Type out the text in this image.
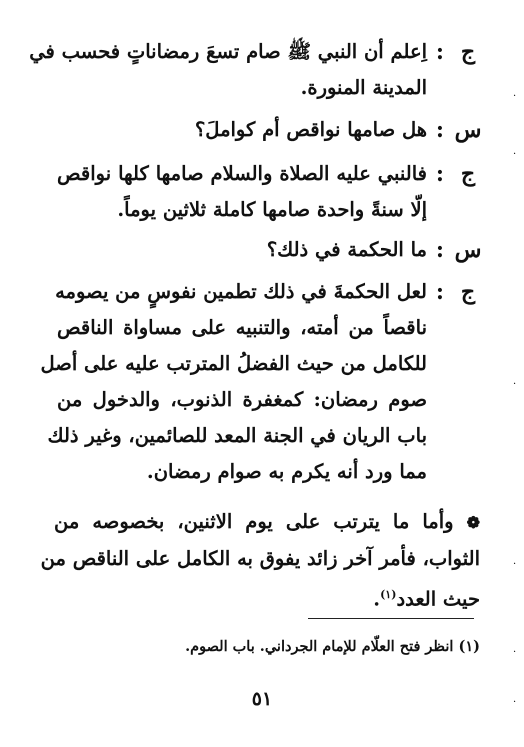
ج
:
اِعلم أن النبي ﷺ صام تسعَ رمضاناتٍ فحسب في
المدينة المنورة.
س
:
هل صامها نواقص أم كواملَ؟
ج
:
فالنبي عليه الصلاة والسلام صامها كلها نواقص
إلّا سنةً واحدة صامها كاملة ثلاثين يوماً.
س
:
ما الحكمة في ذلك؟
ج
:
لعل الحكمةَ في ذلك تطمين نفوسٍ من يصومه
ناقصاً من أمته، والتنبيه على مساواة الناقص
للكامل من حيث الفضلُ المترتب عليه على أصل
صوم رمضان: كمغفرة الذنوب، والدخول من
باب الريان في الجنة المعد للصائمين، وغير ذلك
مما ورد أنه يكرم به صوام رمضان.
❁ وأما ما يترتب على يوم الاثنين، بخصوصه من
الثواب، فأمر آخر زائد يفوق به الكامل على الناقص من
حيث العدد$^{(١)}$.
(١) انظر فتح العلّام للإمام الجرداني. باب الصوم.
٥١
·
·
·
·
·
·
